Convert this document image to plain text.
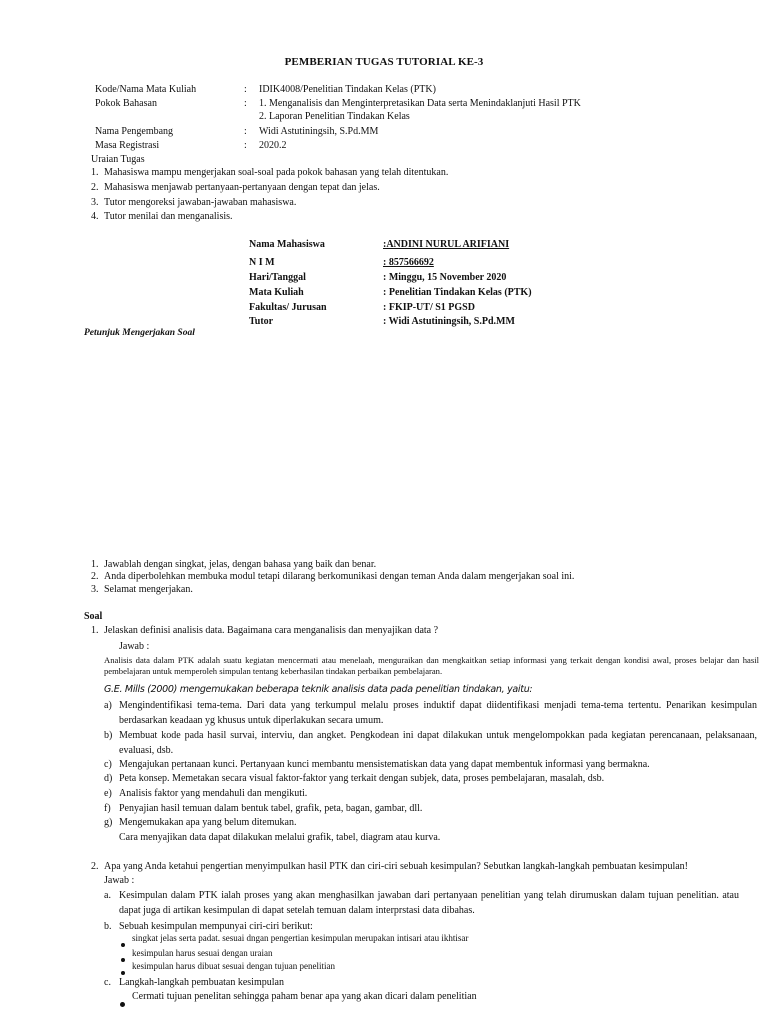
PEMBERIAN TUGAS TUTORIAL KE-3
Kode/Nama Mata Kuliah	: IDIK4008/Penelitian Tindakan Kelas (PTK)
Pokok Bahasan	: 1. Menganalisis dan Menginterpretasikan Data serta Menindaklanjuti Hasil PTK
2. Laporan Penelitian Tindakan Kelas
Nama Pengembang	: Widi Astutiningsih, S.Pd.MM
Masa Registrasi	: 2020.2
Uraian Tugas
1. Mahasiswa mampu mengerjakan soal-soal pada pokok bahasan yang telah ditentukan.
2. Mahasiswa menjawab pertanyaan-pertanyaan dengan tepat dan jelas.
3. Tutor mengoreksi jawaban-jawaban mahasiswa.
4. Tutor menilai dan menganalisis.
Nama Mahasiswa	:ANDINI NURUL ARIFIANI
N I M	: 857566692
Hari/Tanggal	: Minggu, 15 November 2020
Mata Kuliah	: Penelitian Tindakan Kelas (PTK)
Fakultas/ Jurusan	: FKIP-UT/ S1 PGSD
Tutor	: Widi Astutiningsih, S.Pd.MM
Petunjuk Mengerjakan Soal
1. Jawablah dengan singkat, jelas, dengan bahasa yang baik dan benar.
2. Anda diperbolehkan membuka modul tetapi dilarang berkomunikasi dengan teman Anda dalam mengerjakan soal ini.
3. Selamat mengerjakan.
Soal
1. Jelaskan definisi analisis data. Bagaimana cara menganalisis dan menyajikan data ?
Jawab :
Analisis data dalam PTK adalah suatu kegiatan mencermati atau menelaah, menguraikan dan mengkaitkan setiap informasi yang terkait dengan kondisi awal, proses belajar dan hasil pembelajaran untuk memperoleh simpulan tentang keberhasilan tindakan perbaikan pembelajaran.
G.E. Mills (2000) mengemukakan beberapa teknik analisis data pada penelitian tindakan, yaitu:
a) Mengindentifikasi tema-tema. Dari data yang terkumpul melalu proses induktif dapat diidentifikasi menjadi tema-tema tertentu. Penarikan kesimpulan berdasarkan keadaan yg khusus untuk diperlakukan secara umum.
b) Membuat kode pada hasil survai, interviu, dan angket. Pengkodean ini dapat dilakukan untuk mengelompokkan pada kegiatan perencanaan, pelaksanaan, evaluasi, dsb.
c) Mengajukan pertanaan kunci. Pertanyaan kunci membantu mensistematiskan data yang dapat membentuk informasi yang bermakna.
d) Peta konsep. Memetakan secara visual faktor-faktor yang terkait dengan subjek, data, proses pembelajaran, masalah, dsb.
e) Analisis faktor yang mendahuli dan mengikuti.
f) Penyajian hasil temuan dalam bentuk tabel, grafik, peta, bagan, gambar, dll.
g) Mengemukakan apa yang belum ditemukan.
Cara menyajikan data dapat dilakukan melalui grafik, tabel, diagram atau kurva.
2. Apa yang Anda ketahui pengertian menyimpulkan hasil PTK dan ciri-ciri sebuah kesimpulan? Sebutkan langkah-langkah pembuatan kesimpulan!
Jawab :
a. Kesimpulan dalam PTK ialah proses yang akan menghasilkan jawaban dari pertanyaan penelitian yang telah dirumuskan dalam tujuan penelitian. atau dapat juga di artikan kesimpulan di dapat setelah temuan dalam interprstasi data dibahas.
b. Sebuah kesimpulan mempunyai ciri-ciri berikut:
singkat jelas serta padat. sesuai dngan pengertian kesimpulan merupakan intisari atau ikhtisar
kesimpulan harus sesuai dengan uraian
kesimpulan harus dibuat sesuai dengan tujuan penelitian
c. Langkah-langkah pembuatan kesimpulan
Cermati tujuan penelitan sehingga paham benar apa yang akan dicari dalam penelitian
